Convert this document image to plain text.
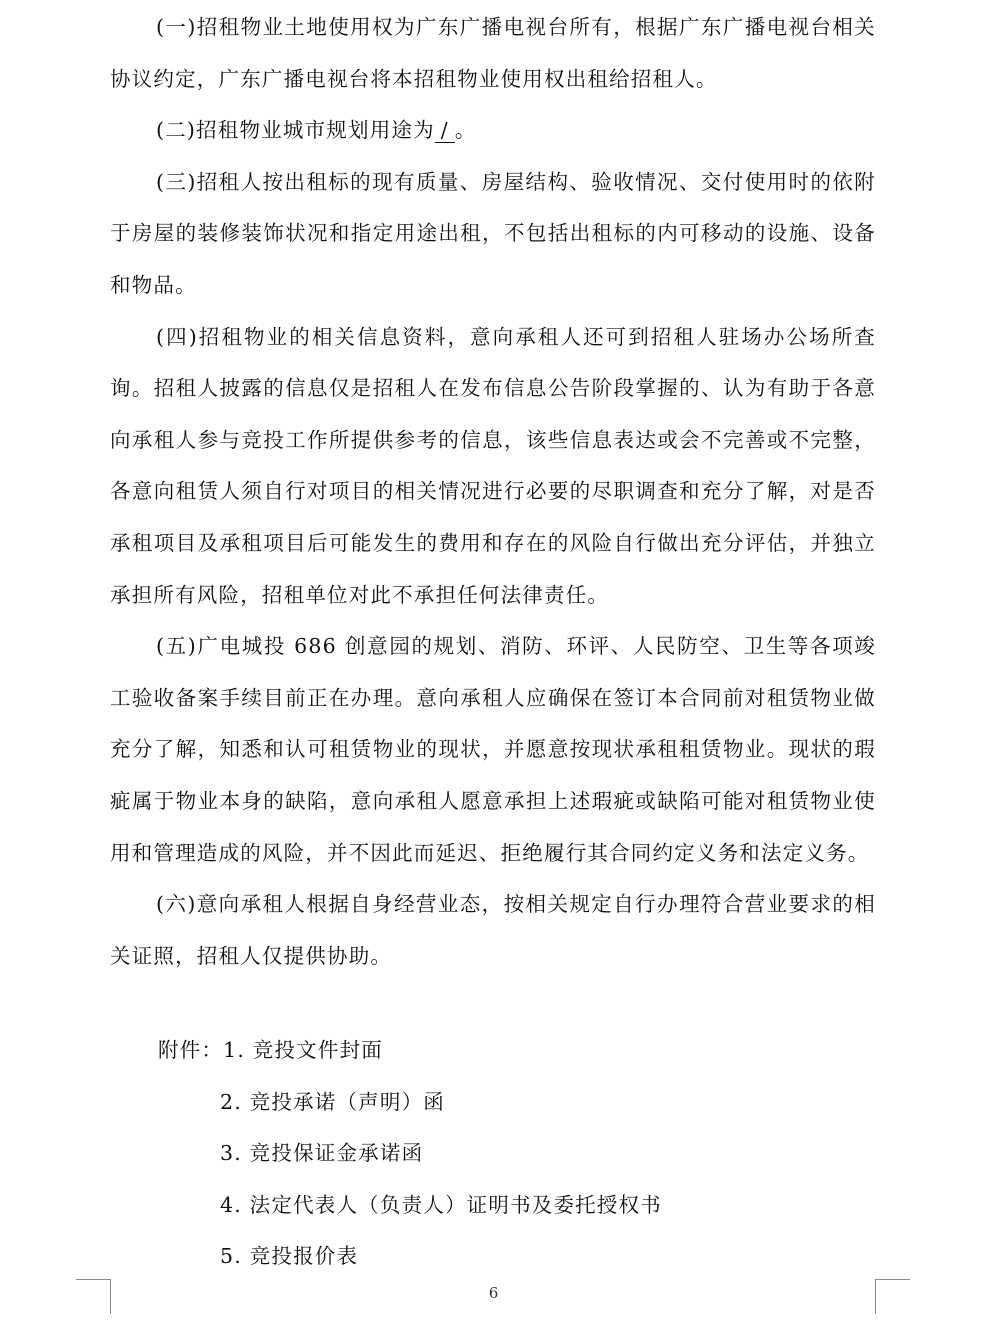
(一)招租物业土地使用权为广东广播电视台所有，根据广东广播电视台相关协议约定，广东广播电视台将本招租物业使用权出租给招租人。

(二)招租物业城市规划用途为 / 。

(三)招租人按出租标的现有质量、房屋结构、验收情况、交付使用时的依附于房屋的装修装饰状况和指定用途出租，不包括出租标的内可移动的设施、设备和物品。

(四)招租物业的相关信息资料，意向承租人还可到招租人驻场办公场所查询。招租人披露的信息仅是招租人在发布信息公告阶段掌握的、认为有助于各意向承租人参与竞投工作所提供参考的信息，该些信息表达或会不完善或不完整，各意向租赁人须自行对项目的相关情况进行必要的尽职调查和充分了解，对是否承租项目及承租项目后可能发生的费用和存在的风险自行做出充分评估，并独立承担所有风险，招租单位对此不承担任何法律责任。

(五)广电城投 686 创意园的规划、消防、环评、人民防空、卫生等各项竣工验收备案手续目前正在办理。意向承租人应确保在签订本合同前对租赁物业做充分了解，知悉和认可租赁物业的现状，并愿意按现状承租租赁物业。现状的瑕疵属于物业本身的缺陷，意向承租人愿意承担上述瑕疵或缺陷可能对租赁物业使用和管理造成的风险，并不因此而延迟、拒绝履行其合同约定义务和法定义务。

(六)意向承租人根据自身经营业态，按相关规定自行办理符合营业要求的相关证照，招租人仅提供协助。

附件：1. 竞投文件封面
2. 竞投承诺（声明）函
3. 竞投保证金承诺函
4. 法定代表人（负责人）证明书及委托授权书
5. 竞投报价表
6
